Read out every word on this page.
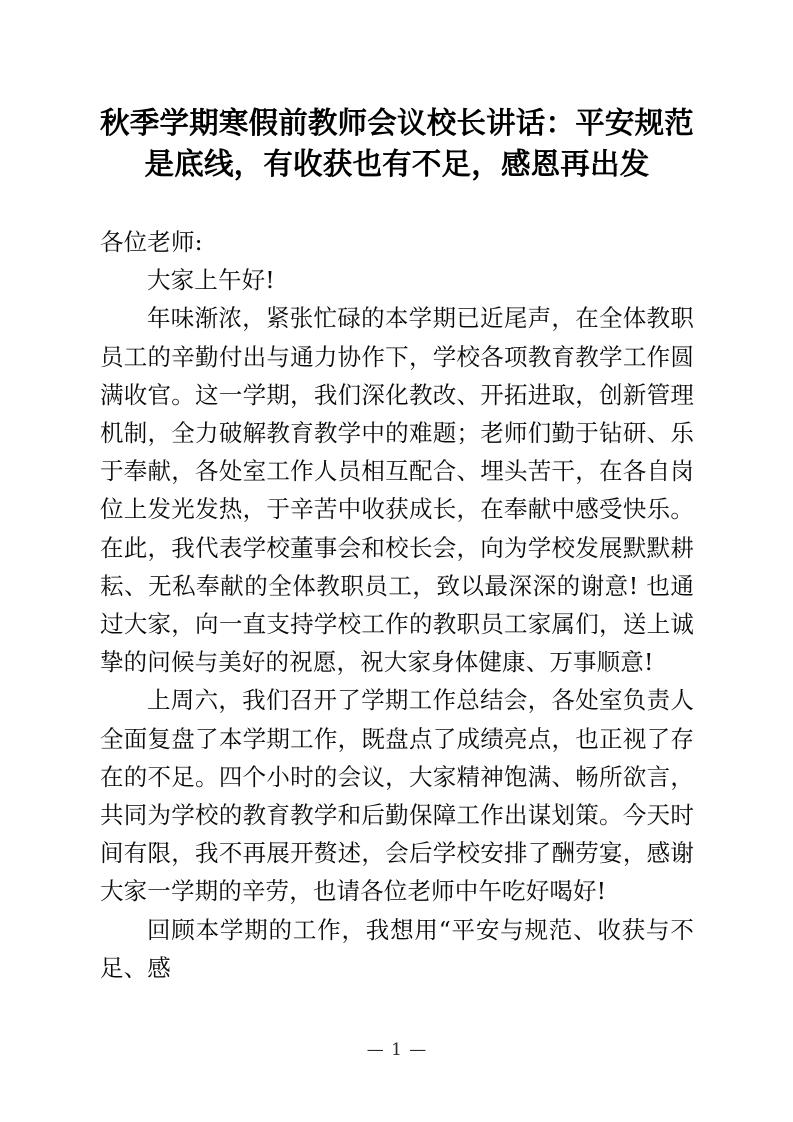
秋季学期寒假前教师会议校长讲话：平安规范是底线，有收获也有不足，感恩再出发

各位老师:

大家上午好!

年味渐浓，紧张忙碌的本学期已近尾声，在全体教职员工的辛勤付出与通力协作下，学校各项教育教学工作圆满收官。这一学期，我们深化教改、开拓进取，创新管理机制，全力破解教育教学中的难题；老师们勤于钻研、乐于奉献，各处室工作人员相互配合、埋头苦干，在各自岗位上发光发热，于辛苦中收获成长，在奉献中感受快乐。在此，我代表学校董事会和校长会，向为学校发展默默耕耘、无私奉献的全体教职员工，致以最深深的谢意! 也通过大家，向一直支持学校工作的教职员工家属们，送上诚挚的问候与美好的祝愿，祝大家身体健康、万事顺意!

上周六，我们召开了学期工作总结会，各处室负责人全面复盘了本学期工作，既盘点了成绩亮点，也正视了存在的不足。四个小时的会议，大家精神饱满、畅所欲言，共同为学校的教育教学和后勤保障工作出谋划策。今天时间有限，我不再展开赘述，会后学校安排了酬劳宴，感谢大家一学期的辛劳，也请各位老师中午吃好喝好!

回顾本学期的工作，我想用“平安与规范、收获与不足、感

— 1 —
